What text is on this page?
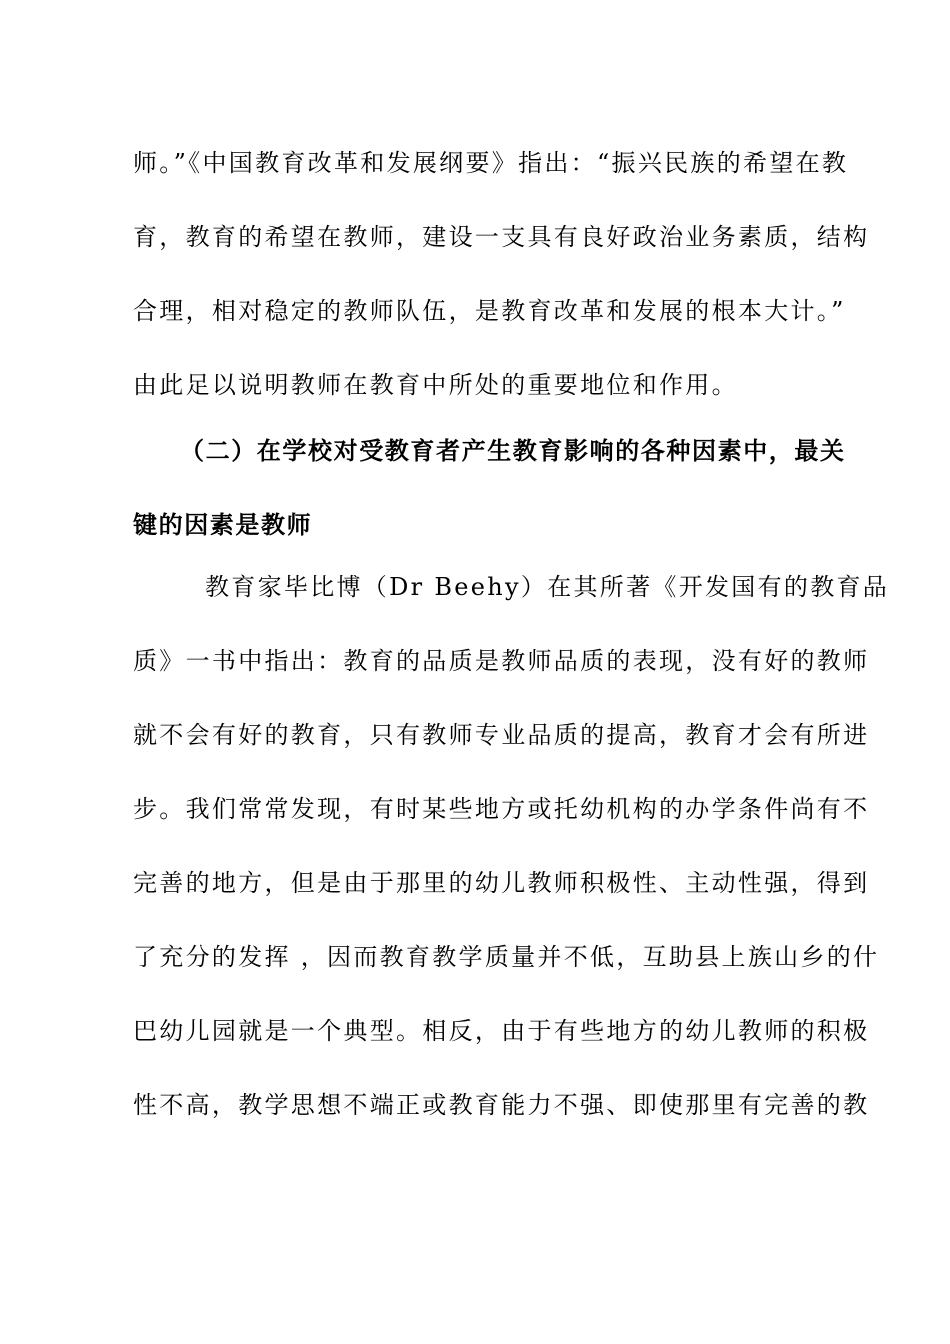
师。”《中国教育改革和发展纲要》指出：“振兴民族的希望在教
育，教育的希望在教师，建设一支具有良好政治业务素质，结构
合理，相对稳定的教师队伍，是教育改革和发展的根本大计。”
由此足以说明教师在教育中所处的重要地位和作用。
（二）在学校对受教育者产生教育影响的各种因素中，最关
键的因素是教师
教育家毕比博（Dr Beehy）在其所著《开发国有的教育品
质》一书中指出：教育的品质是教师品质的表现，没有好的教师
就不会有好的教育，只有教师专业品质的提高，教育才会有所进
步。我们常常发现，有时某些地方或托幼机构的办学条件尚有不
完善的地方，但是由于那里的幼儿教师积极性、主动性强，得到
了充分的发挥 ，因而教育教学质量并不低，互助县上族山乡的什
巴幼儿园就是一个典型。相反，由于有些地方的幼儿教师的积极
性不高，教学思想不端正或教育能力不强、即使那里有完善的教
